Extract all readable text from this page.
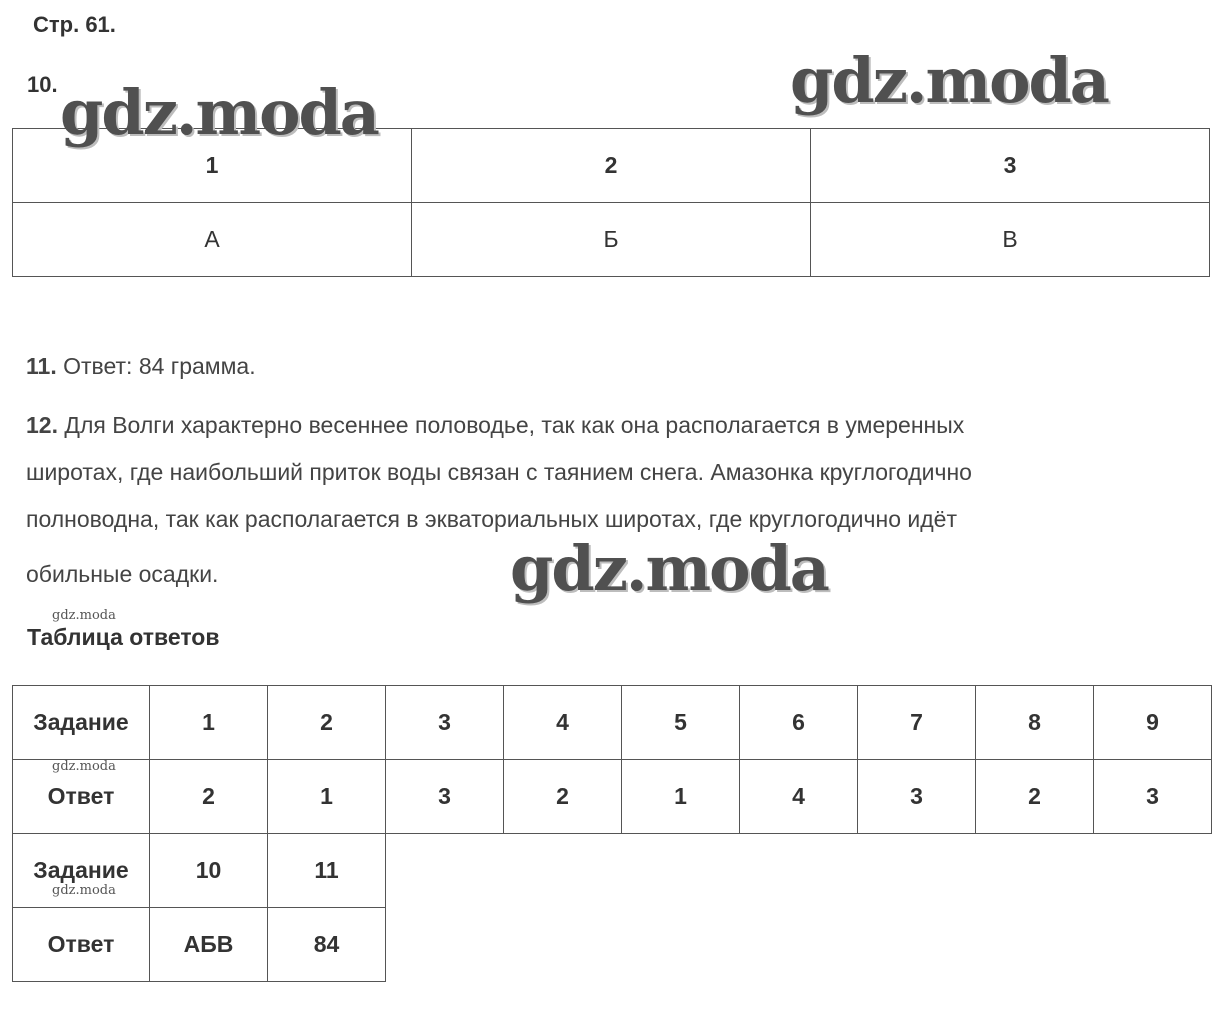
Стр. 61.
10.
1	2	3
А	Б	В
11. Ответ: 84 грамма.
12. Для Волги характерно весеннее половодье, так как она располагается в умеренных
широтах, где наибольший приток воды связан с таянием снега. Амазонка круглогодично
полноводна, так как располагается в экваториальных широтах, где круглогодично идёт
обильные осадки.
Таблица ответов
Задание	1	2	3	4	5	6	7	8	9
Ответ	2	1	3	2	1	4	3	2	3
Задание	10	11							
Ответ	АБВ	84							
gdz.moda	gdz.moda
gdz.moda
gdz.moda
gdz.moda
gdz.moda
